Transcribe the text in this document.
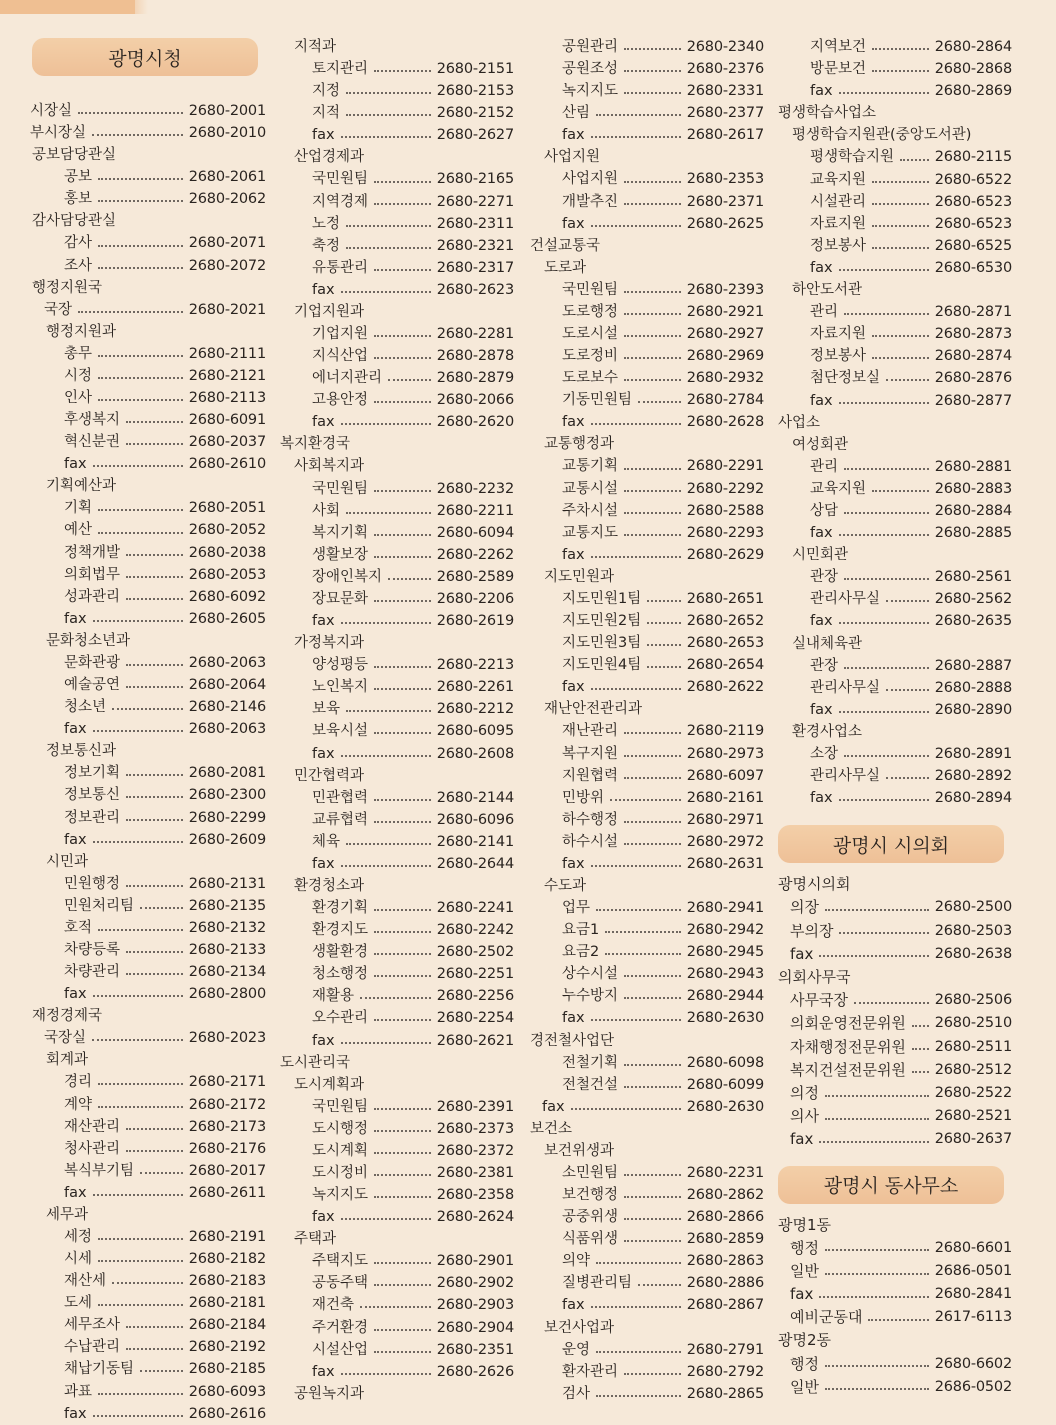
광명시청
시장실	2680-2001
부시장실	2680-2010
공보담당관실
공보	2680-2061
홍보	2680-2062
감사담당관실
감사	2680-2071
조사	2680-2072
행정지원국
국장	2680-2021
행정지원과
총무	2680-2111
시정	2680-2121
인사	2680-2113
후생복지	2680-6091
혁신분권	2680-2037
fax	2680-2610
기획예산과
기획	2680-2051
예산	2680-2052
정책개발	2680-2038
의회법무	2680-2053
성과관리	2680-6092
fax	2680-2605
문화청소년과
문화관광	2680-2063
예술공연	2680-2064
청소년	2680-2146
fax	2680-2063
정보통신과
정보기획	2680-2081
정보통신	2680-2300
정보관리	2680-2299
fax	2680-2609
시민과
민원행정	2680-2131
민원처리팀	2680-2135
호적	2680-2132
차량등록	2680-2133
차량관리	2680-2134
fax	2680-2800
재정경제국
국장실	2680-2023
회계과
경리	2680-2171
계약	2680-2172
재산관리	2680-2173
청사관리	2680-2176
복식부기팀	2680-2017
fax	2680-2611
세무과
세정	2680-2191
시세	2680-2182
재산세	2680-2183
도세	2680-2181
세무조사	2680-2184
수납관리	2680-2192
채납기동팀	2680-2185
과표	2680-6093
fax	2680-2616
지적과
토지관리	2680-2151
지정	2680-2153
지적	2680-2152
fax	2680-2627
산업경제과
국민원팀	2680-2165
지역경제	2680-2271
노정	2680-2311
축정	2680-2321
유통관리	2680-2317
fax	2680-2623
기업지원과
기업지원	2680-2281
지식산업	2680-2878
에너지관리	2680-2879
고용안정	2680-2066
fax	2680-2620
복지환경국
사회복지과
국민원팀	2680-2232
사회	2680-2211
복지기획	2680-6094
생활보장	2680-2262
장애인복지	2680-2589
장묘문화	2680-2206
fax	2680-2619
가정복지과
양성평등	2680-2213
노인복지	2680-2261
보육	2680-2212
보육시설	2680-6095
fax	2680-2608
민간협력과
민관협력	2680-2144
교류협력	2680-6096
체육	2680-2141
fax	2680-2644
환경청소과
환경기획	2680-2241
환경지도	2680-2242
생활환경	2680-2502
청소행정	2680-2251
재활용	2680-2256
오수관리	2680-2254
fax	2680-2621
도시관리국
도시계획과
국민원팀	2680-2391
도시행정	2680-2373
도시계획	2680-2372
도시정비	2680-2381
녹지지도	2680-2358
fax	2680-2624
주택과
주택지도	2680-2901
공동주택	2680-2902
재건축	2680-2903
주거환경	2680-2904
시설산업	2680-2351
fax	2680-2626
공원녹지과
공원관리	2680-2340
공원조성	2680-2376
녹지지도	2680-2331
산림	2680-2377
fax	2680-2617
사업지원
사업지원	2680-2353
개발추진	2680-2371
fax	2680-2625
건설교통국
도로과
국민원팀	2680-2393
도로행정	2680-2921
도로시설	2680-2927
도로정비	2680-2969
도로보수	2680-2932
기동민원팀	2680-2784
fax	2680-2628
교통행정과
교통기획	2680-2291
교통시설	2680-2292
주차시설	2680-2588
교통지도	2680-2293
fax	2680-2629
지도민원과
지도민원1팀	2680-2651
지도민원2팀	2680-2652
지도민원3팀	2680-2653
지도민원4팀	2680-2654
fax	2680-2622
재난안전관리과
재난관리	2680-2119
복구지원	2680-2973
지원협력	2680-6097
민방위	2680-2161
하수행정	2680-2971
하수시설	2680-2972
fax	2680-2631
수도과
업무	2680-2941
요금1	2680-2942
요금2	2680-2945
상수시설	2680-2943
누수방지	2680-2944
fax	2680-2630
경전철사업단
전철기획	2680-6098
전철건설	2680-6099
fax	2680-2630
보건소
보건위생과
소민원팀	2680-2231
보건행정	2680-2862
공중위생	2680-2866
식품위생	2680-2859
의약	2680-2863
질병관리팀	2680-2886
fax	2680-2867
보건사업과
운영	2680-2791
환자관리	2680-2792
검사	2680-2865
지역보건	2680-2864
방문보건	2680-2868
fax	2680-2869
평생학습사업소
평생학습지원관(중앙도서관)
평생학습지원	2680-2115
교육지원	2680-6522
시설관리	2680-6523
자료지원	2680-6523
정보봉사	2680-6525
fax	2680-6530
하안도서관
관리	2680-2871
자료지원	2680-2873
정보봉사	2680-2874
첨단정보실	2680-2876
fax	2680-2877
사업소
여성회관
관리	2680-2881
교육지원	2680-2883
상담	2680-2884
fax	2680-2885
시민회관
관장	2680-2561
관리사무실	2680-2562
fax	2680-2635
실내체육관
관장	2680-2887
관리사무실	2680-2888
fax	2680-2890
환경사업소
소장	2680-2891
관리사무실	2680-2892
fax	2680-2894
광명시 시의회
광명시의회
의장	2680-2500
부의장	2680-2503
fax	2680-2638
의회사무국
사무국장	2680-2506
의회운영전문위원 2680-2510
자채행정전문위원 2680-2511
복지건설전문위원 2680-2512
의정	2680-2522
의사	2680-2521
fax	2680-2637
광명시 동사무소
광명1동
행정	2680-6601
일반	2686-0501
fax	2680-2841
예비군동대	2617-6113
광명2동
행정	2680-6602
일반	2686-0502
